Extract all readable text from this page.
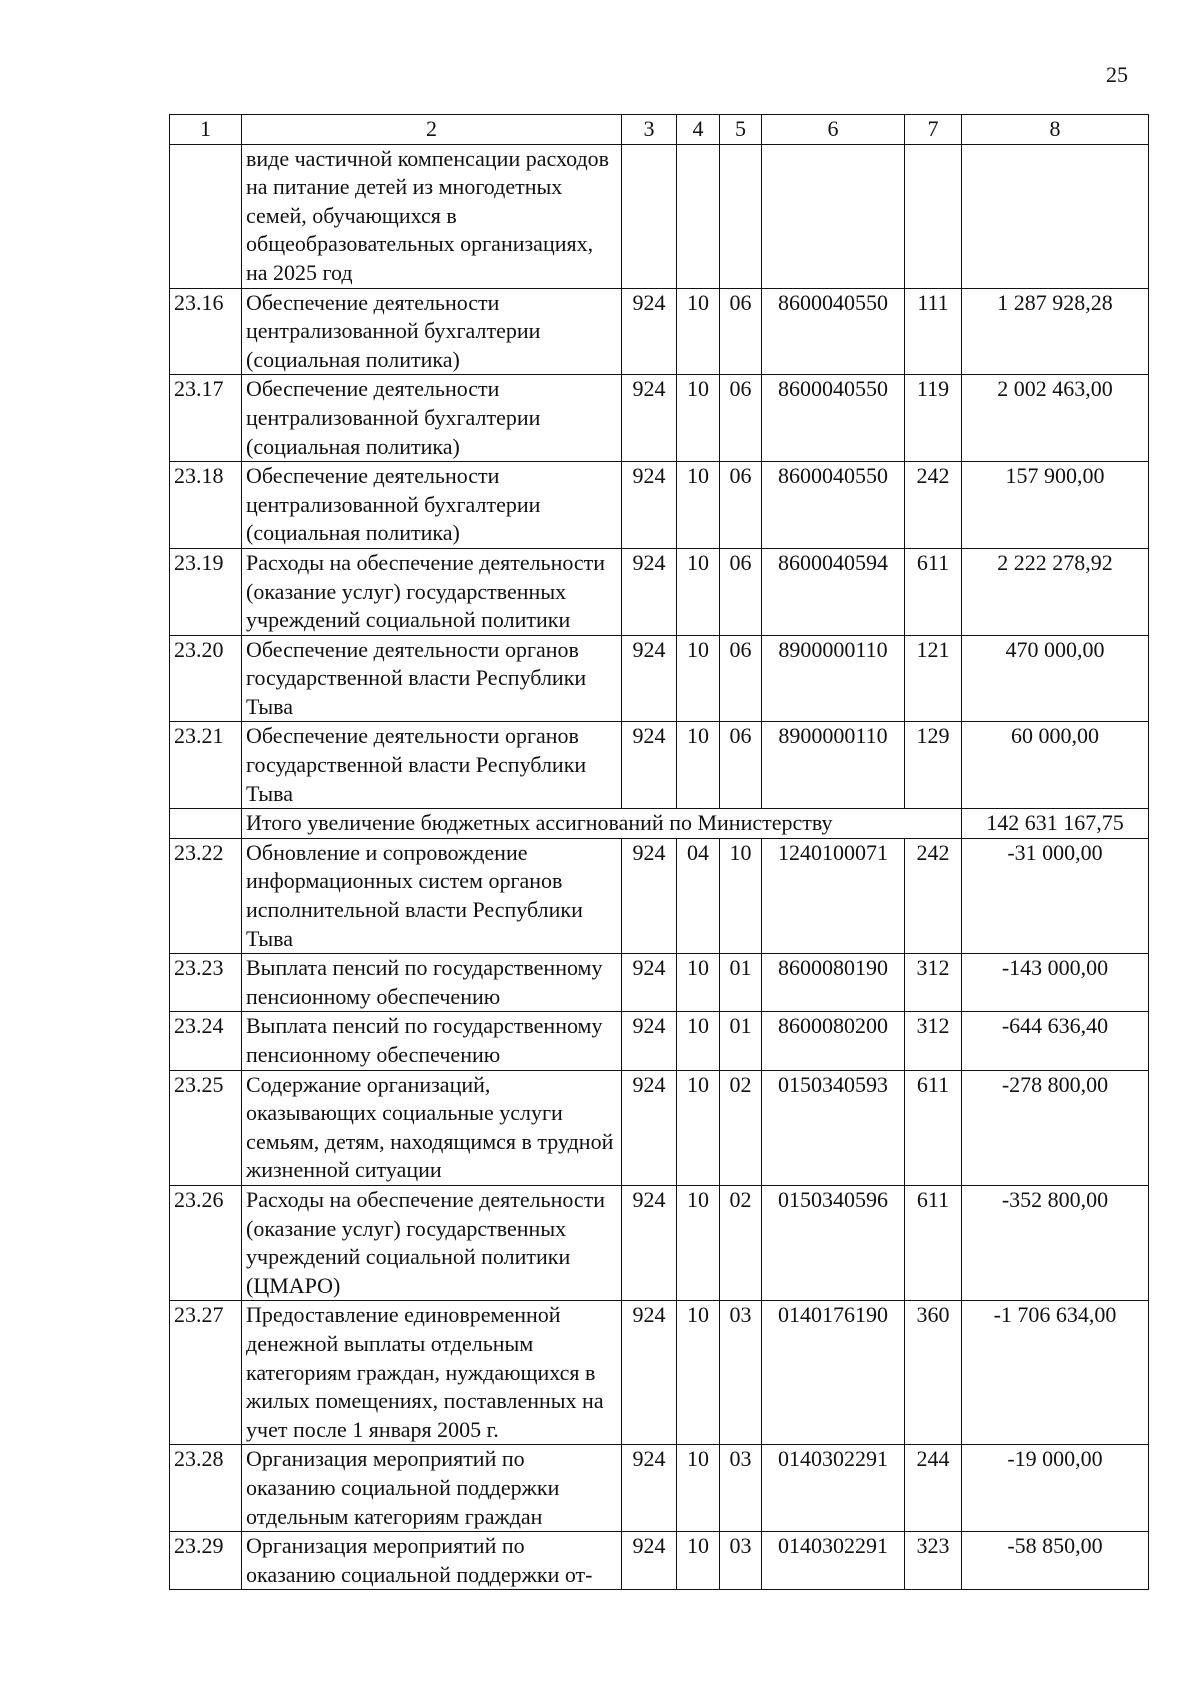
25
1	2	3	4	5	6	7	8
	виде частичной компенсации расходов на питание детей из многодетных семей, обучающихся в общеобразовательных организациях, на 2025 год						
23.16	Обеспечение деятельности централизованной бухгалтерии (социальная политика)	924	10	06	8600040550	111	1 287 928,28
23.17	Обеспечение деятельности централизованной бухгалтерии (социальная политика)	924	10	06	8600040550	119	2 002 463,00
23.18	Обеспечение деятельности централизованной бухгалтерии (социальная политика)	924	10	06	8600040550	242	157 900,00
23.19	Расходы на обеспечение деятельности (оказание услуг) государственных учреждений социальной политики	924	10	06	8600040594	611	2 222 278,92
23.20	Обеспечение деятельности органов государственной власти Республики Тыва	924	10	06	8900000110	121	470 000,00
23.21	Обеспечение деятельности органов государственной власти Республики Тыва	924	10	06	8900000110	129	60 000,00
	Итого увеличение бюджетных ассигнований по Министерству						142 631 167,75
23.22	Обновление и сопровождение информационных систем органов исполнительной власти Республики Тыва	924	04	10	1240100071	242	-31 000,00
23.23	Выплата пенсий по государственному пенсионному обеспечению	924	10	01	8600080190	312	-143 000,00
23.24	Выплата пенсий по государственному пенсионному обеспечению	924	10	01	8600080200	312	-644 636,40
23.25	Содержание организаций, оказывающих социальные услуги семьям, детям, находящимся в трудной жизненной ситуации	924	10	02	0150340593	611	-278 800,00
23.26	Расходы на обеспечение деятельности (оказание услуг) государственных учреждений социальной политики (ЦМАРО)	924	10	02	0150340596	611	-352 800,00
23.27	Предоставление единовременной денежной выплаты отдельным категориям граждан, нуждающихся в жилых помещениях, поставленных на учет после 1 января 2005 г.	924	10	03	0140176190	360	-1 706 634,00
23.28	Организация мероприятий по оказанию социальной поддержки отдельным категориям граждан	924	10	03	0140302291	244	-19 000,00
23.29	Организация мероприятий по оказанию социальной поддержки от-	924	10	03	0140302291	323	-58 850,00
